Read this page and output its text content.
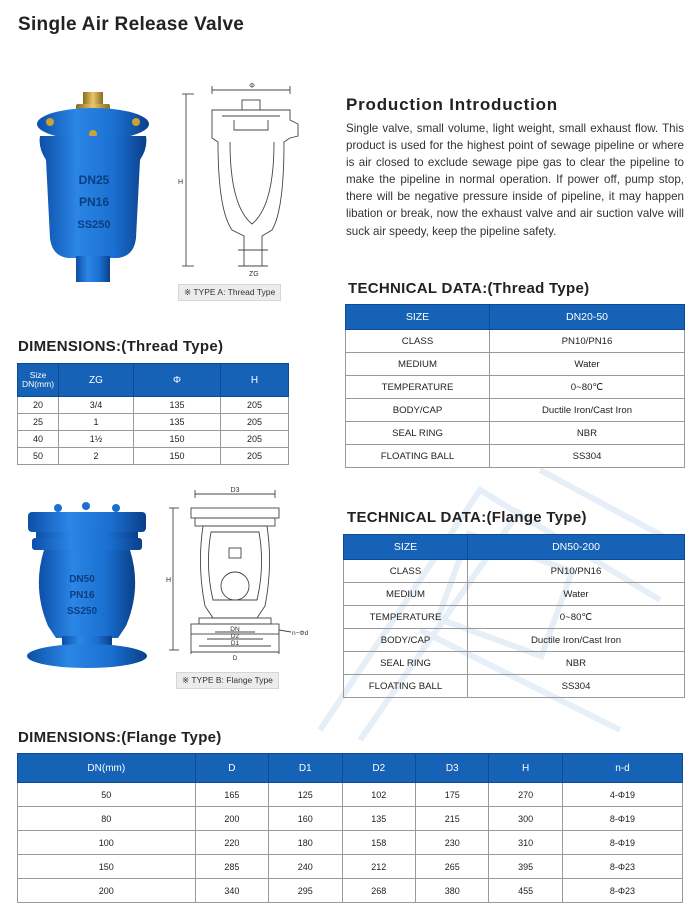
Single Air Release Valve
DN25
PN16
SS250
Φ
H
ZG
※ TYPE A: Thread Type
Production Introduction
Single valve, small volume, light weight, small exhaust flow. This product is used for the highest point of sewage pipeline or where is air closed to exclude sewage pipe gas to clear the pipeline to make the pipeline in normal operation. If power off, pump stop, there will be negative pressure inside of pipeline, it may happen libation or break, now the exhaust valve and air suction valve will suck air speedy, keep the pipeline safety.
TECHNICAL DATA:(Thread Type)
SIZE	DN20-50
CLASS	PN10/PN16
MEDIUM	Water
TEMPERATURE	0~80℃
BODY/CAP	Ductile Iron/Cast Iron
SEAL RING	NBR
FLOATING BALL	SS304
DIMENSIONS:(Thread Type)
Size
DN(mm)	ZG	Φ	H
20	3/4	135	205
25	1	135	205
40	1½	150	205
50	2	150	205
DN50
PN16
SS250
D3
H
DN
D2
D1
D
n−Φd
※ TYPE B: Flange Type
TECHNICAL DATA:(Flange Type)
SIZE	DN50-200
CLASS	PN10/PN16
MEDIUM	Water
TEMPERATURE	0~80℃
BODY/CAP	Ductile Iron/Cast Iron
SEAL RING	NBR
FLOATING BALL	SS304
DIMENSIONS:(Flange Type)
DN(mm)	D	D1	D2	D3	H	n-d
50	165	125	102	175	270	4-Φ19
80	200	160	135	215	300	8-Φ19
100	220	180	158	230	310	8-Φ19
150	285	240	212	265	395	8-Φ23
200	340	295	268	380	455	8-Φ23
